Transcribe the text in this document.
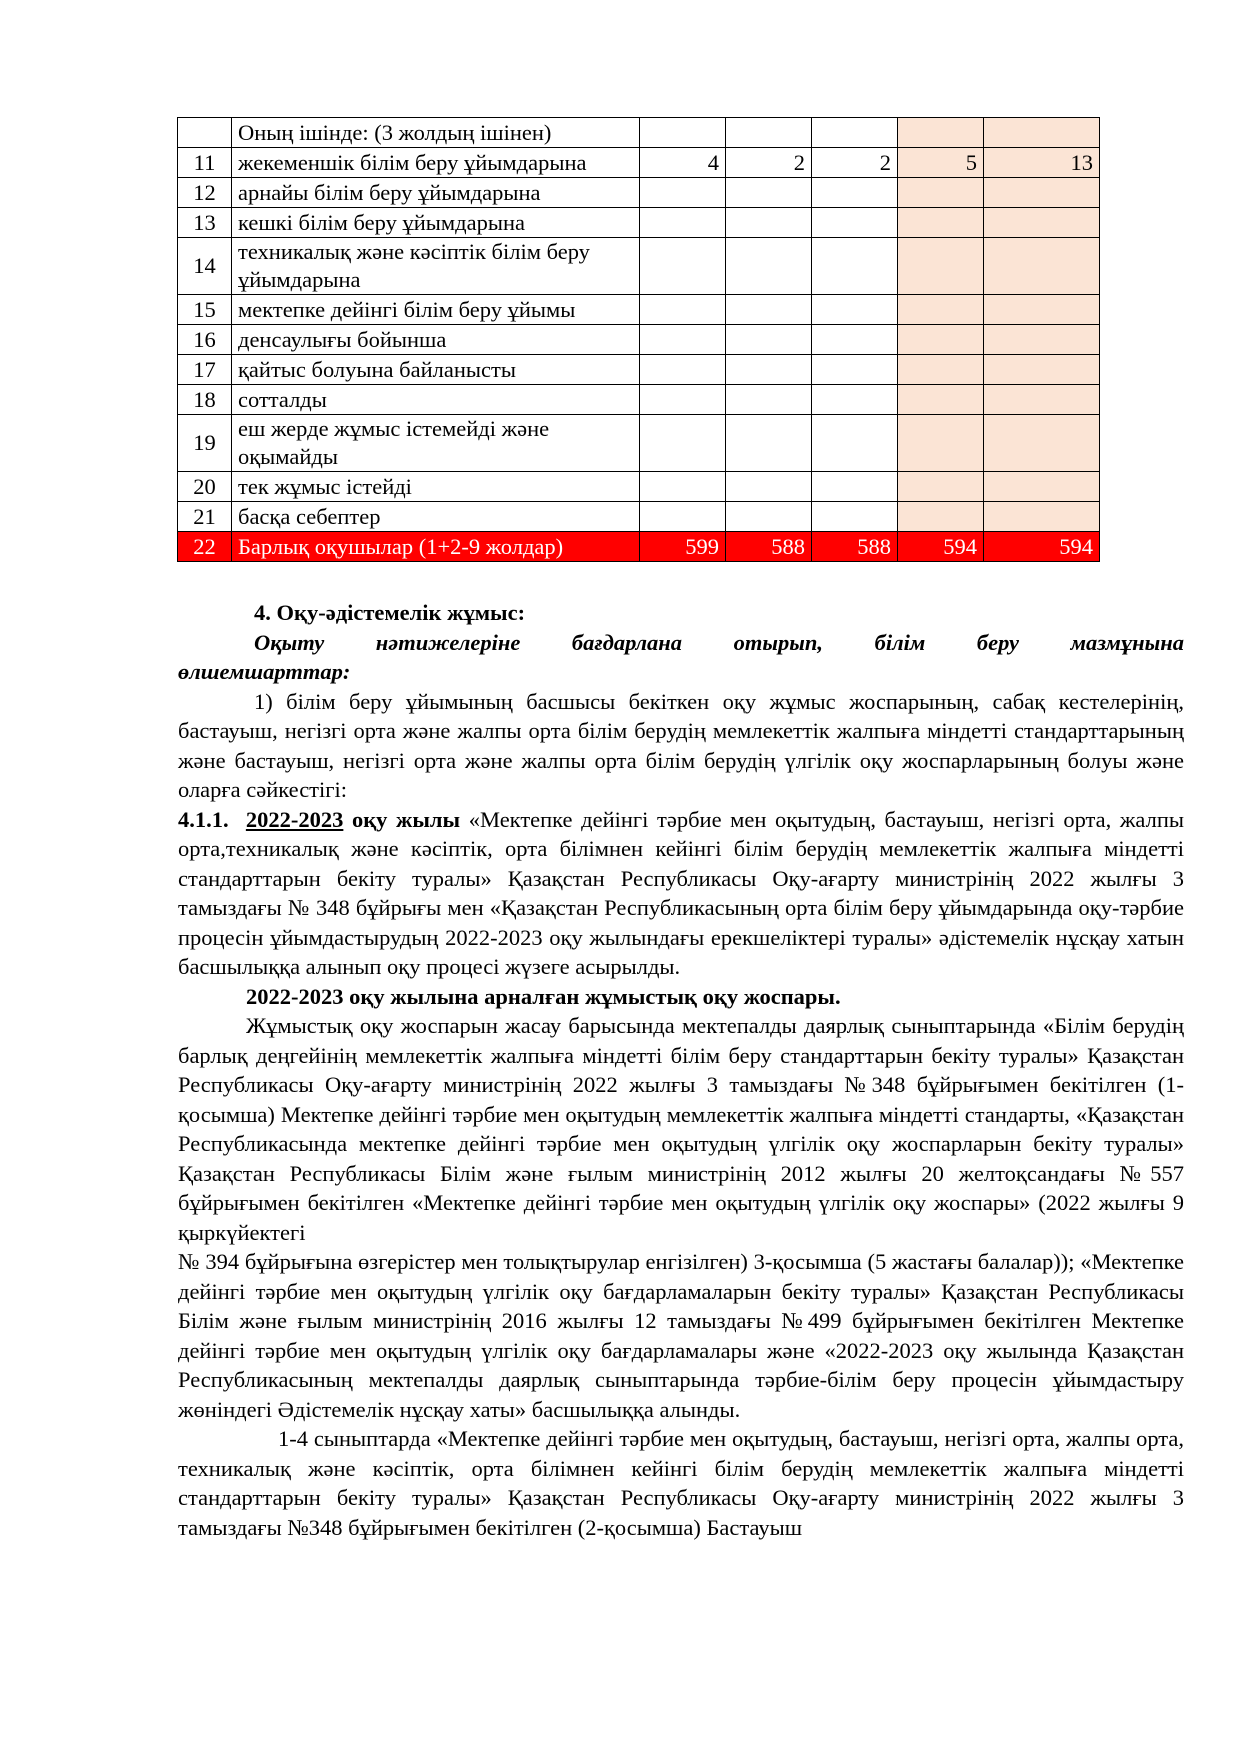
	Оның ішінде: (3 жолдың ішінен)					
11	жекеменшік білім беру ұйымдарына	4	2	2	5	13
12	арнайы білім беру ұйымдарына					
13	кешкі білім беру ұйымдарына					
14	техникалық және кәсіптік білім беру ұйымдарына					
15	мектепке дейінгі білім беру ұйымы					
16	денсаулығы бойынша					
17	қайтыс болуына байланысты					
18	сотталды					
19	еш жерде жұмыс істемейді және оқымайды					
20	тек жұмыс істейді					
21	басқа себептер					
22	Барлық оқушылар (1+2-9 жолдар)	599	588	588	594	594

4. Оқу-әдістемелік жұмыс:

Оқыту нәтижелеріне бағдарлана отырып, білім беру мазмұнына

өлшемшарттар:

1) білім беру ұйымының басшысы бекіткен оқу жұмыс жоспарының, сабақ кестелерінің, бастауыш, негізгі орта және жалпы орта білім берудің мемлекеттік жалпыға міндетті стандарттарының және бастауыш, негізгі орта және жалпы орта білім берудің үлгілік оқу жоспарларының болуы және оларға сәйкестігі:

4.1.1. 2022-2023 оқу жылы «Мектепке дейінгі тәрбие мен оқытудың, бастауыш, негізгі орта, жалпы орта,техникалық және кәсіптік, орта білімнен кейінгі білім берудің мемлекеттік жалпыға міндетті стандарттарын бекіту туралы» Қазақстан Республикасы Оқу-ағарту министрінің 2022 жылғы 3 тамыздағы № 348 бұйрығы мен «Қазақстан Республикасының орта білім беру ұйымдарында оқу-тәрбие процесін ұйымдастырудың 2022-2023 оқу жылындағы ерекшеліктері туралы» әдістемелік нұсқау хатын басшылыққа алынып оқу процесі жүзеге асырылды.

2022-2023 оқу жылына арналған жұмыстық оқу жоспары.

Жұмыстық оқу жоспарын жасау барысында мектепалды даярлық сыныптарында «Білім берудің барлық деңгейінің мемлекеттік жалпыға міндетті білім беру стандарттарын бекіту туралы» Қазақстан Республикасы Оқу-ағарту министрінің 2022 жылғы 3 тамыздағы №348 бұйрығымен бекітілген (1-қосымша) Мектепке дейінгі тәрбие мен оқытудың мемлекеттік жалпыға міндетті стандарты, «Қазақстан Республикасында мектепке дейінгі тәрбие мен оқытудың үлгілік оқу жоспарларын бекіту туралы» Қазақстан Республикасы Білім және ғылым министрінің 2012 жылғы 20 желтоқсандағы №557 бұйрығымен бекітілген «Мектепке дейінгі тәрбие мен оқытудың үлгілік оқу жоспары» (2022 жылғы 9 қыркүйектегі

№ 394 бұйрығына өзгерістер мен толықтырулар енгізілген) 3-қосымша (5 жастағы балалар)); «Мектепке дейінгі тәрбие мен оқытудың үлгілік оқу бағдарламаларын бекіту туралы» Қазақстан Республикасы Білім және ғылым министрінің 2016 жылғы 12 тамыздағы №499 бұйрығымен бекітілген Мектепке дейінгі тәрбие мен оқытудың үлгілік оқу бағдарламалары және «2022-2023 оқу жылында Қазақстан Республикасының мектепалды даярлық сыныптарында тәрбие-білім беру процесін ұйымдастыру жөніндегі Әдістемелік нұсқау хаты» басшылыққа алынды.

1-4 сыныптарда «Мектепке дейінгі тәрбие мен оқытудың, бастауыш, негізгі орта, жалпы орта, техникалық және кәсіптік, орта білімнен кейінгі білім берудің мемлекеттік жалпыға міндетті стандарттарын бекіту туралы» Қазақстан Республикасы Оқу-ағарту министрінің 2022 жылғы 3 тамыздағы №348 бұйрығымен бекітілген (2-қосымша) Бастауыш
